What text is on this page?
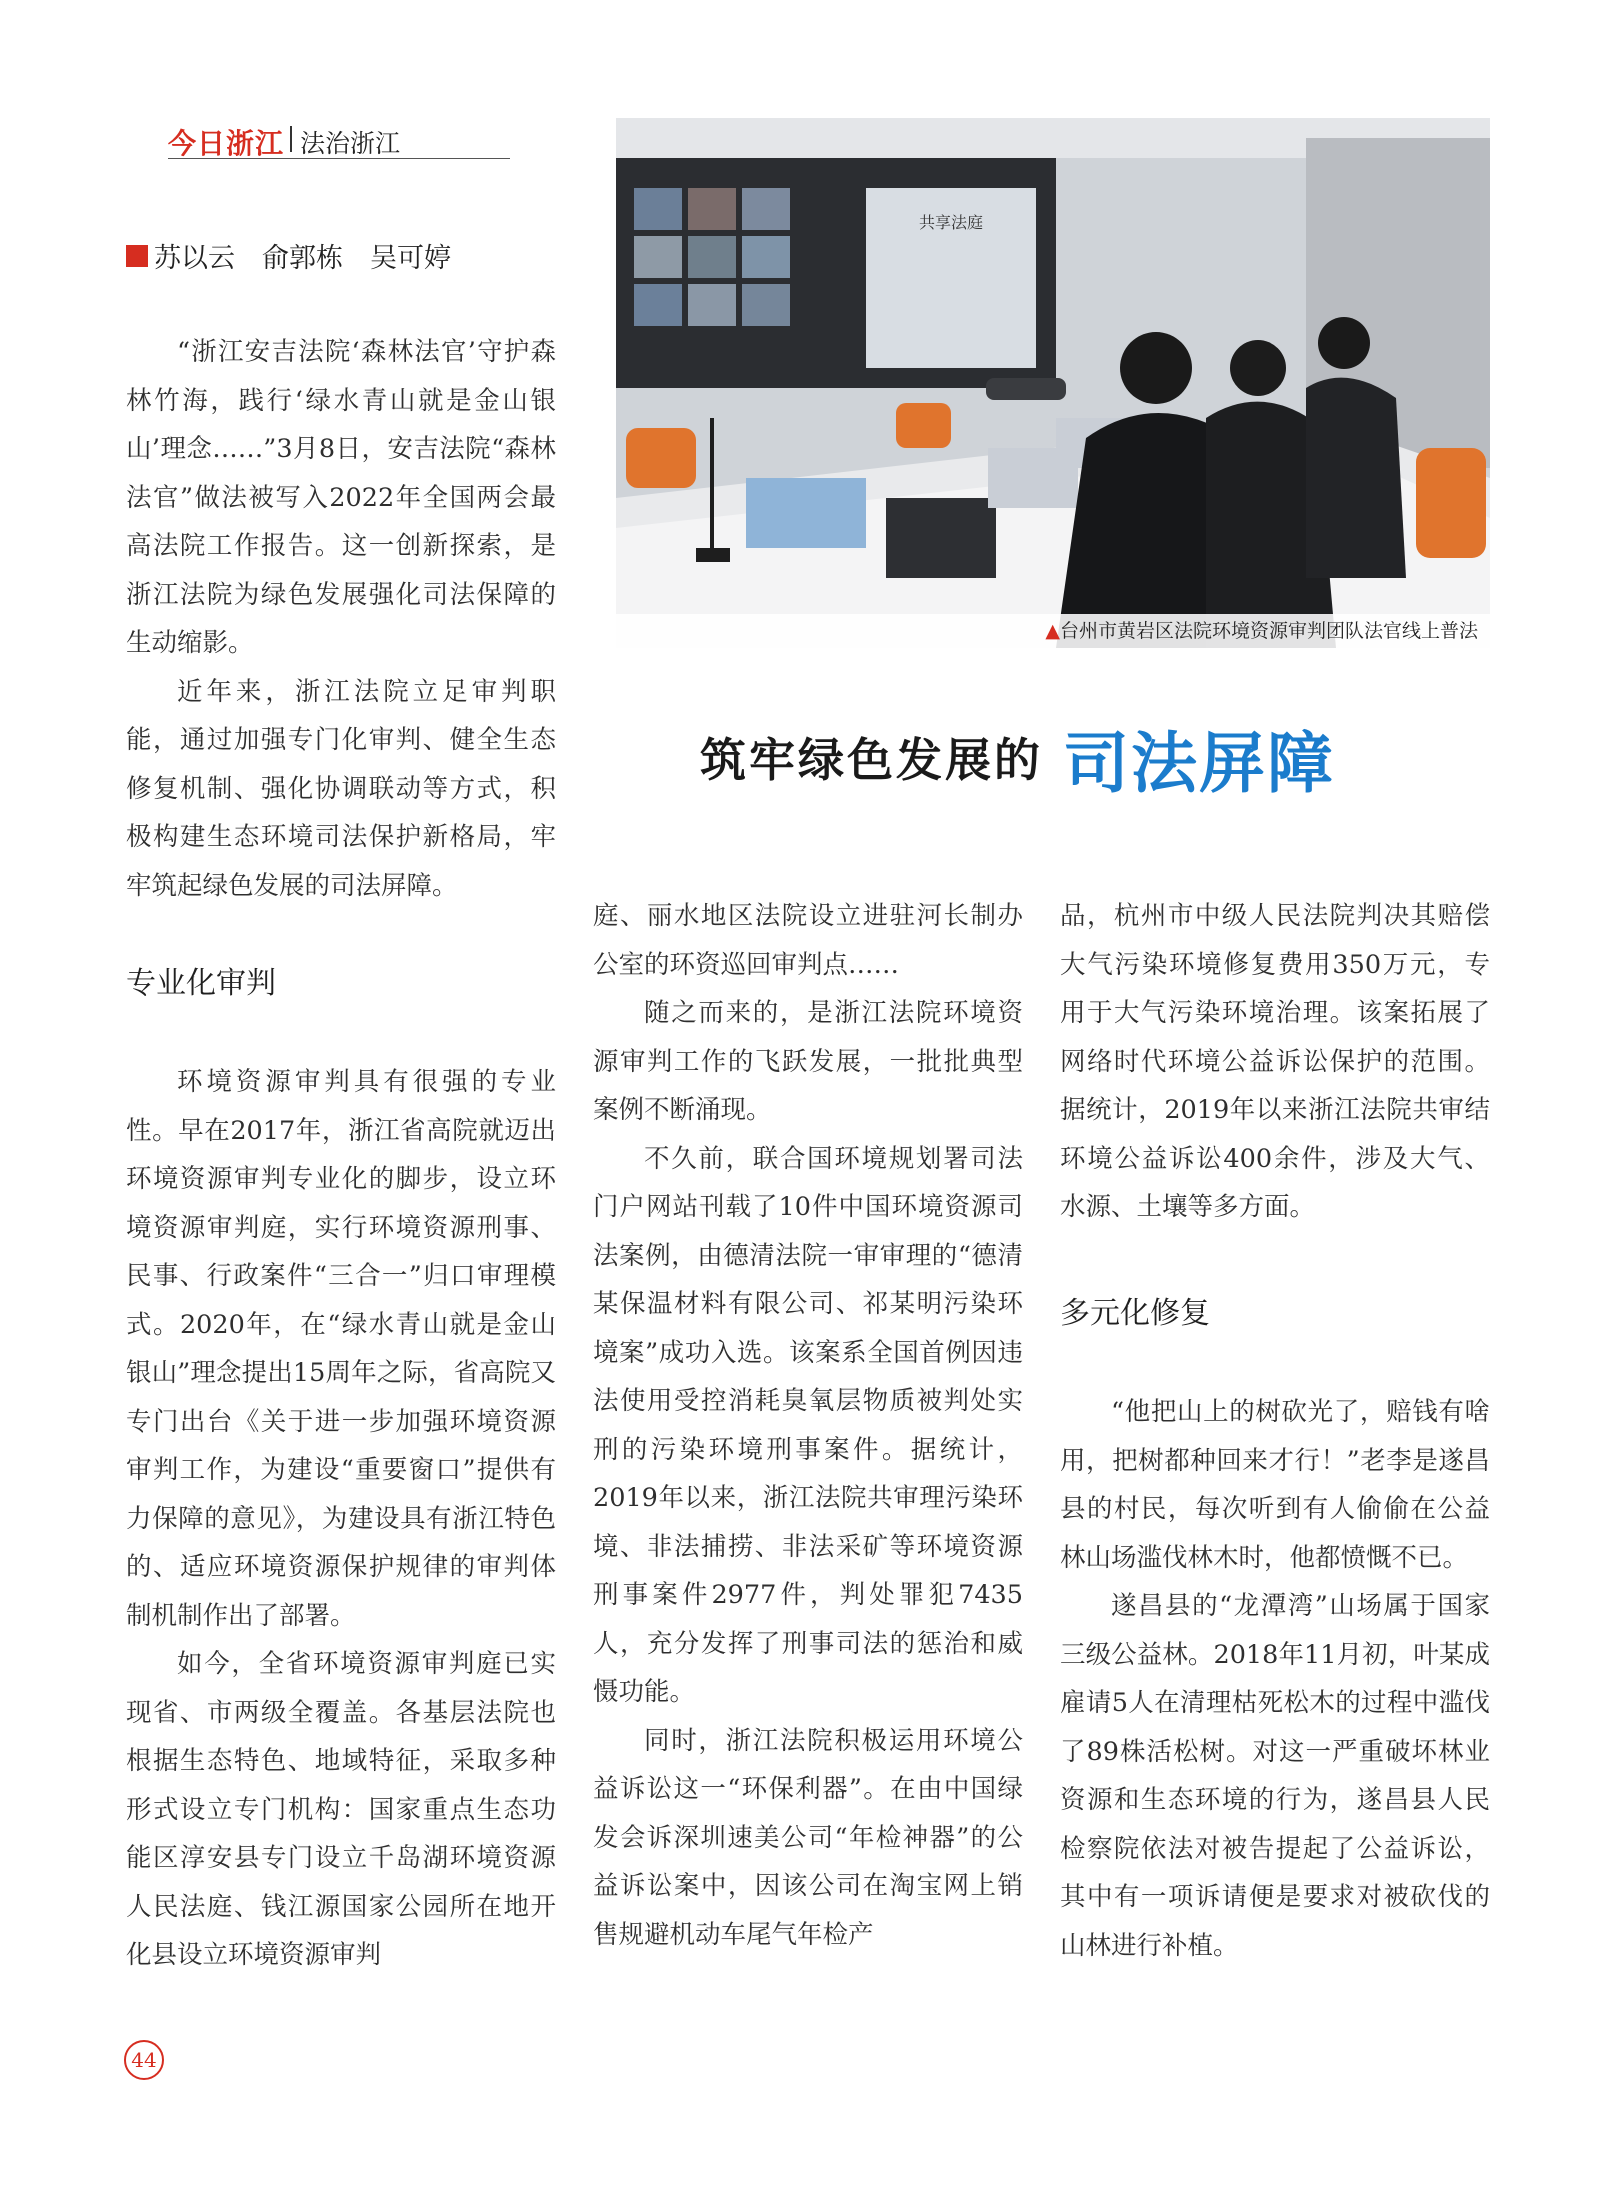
今日浙江 法治浙江
苏以云　俞郭栋　吴可婷
共享法庭
▲台州市黄岩区法院环境资源审判团队法官线上普法
筑牢绿色发展的 司法屏障

“浙江安吉法院‘森林法官’守护森林竹海，践行‘绿水青山就是金山银山’理念……”3月8日，安吉法院“森林法官”做法被写入2022年全国两会最高法院工作报告。这一创新探索，是浙江法院为绿色发展强化司法保障的生动缩影。

近年来，浙江法院立足审判职能，通过加强专门化审判、健全生态修复机制、强化协调联动等方式，积极构建生态环境司法保护新格局，牢牢筑起绿色发展的司法屏障。

专业化审判

环境资源审判具有很强的专业性。早在2017年，浙江省高院就迈出环境资源审判专业化的脚步，设立环境资源审判庭，实行环境资源刑事、民事、行政案件“三合一”归口审理模式。2020年，在“绿水青山就是金山银山”理念提出15周年之际，省高院又专门出台《关于进一步加强环境资源审判工作，为建设“重要窗口”提供有力保障的意见》，为建设具有浙江特色的、适应环境资源保护规律的审判体制机制作出了部署。

如今，全省环境资源审判庭已实现省、市两级全覆盖。各基层法院也根据生态特色、地域特征，采取多种形式设立专门机构：国家重点生态功能区淳安县专门设立千岛湖环境资源人民法庭、钱江源国家公园所在地开化县设立环境资源审判

庭、丽水地区法院设立进驻河长制办公室的环资巡回审判点……

随之而来的，是浙江法院环境资源审判工作的飞跃发展，一批批典型案例不断涌现。

不久前，联合国环境规划署司法门户网站刊载了10件中国环境资源司法案例，由德清法院一审审理的“德清某保温材料有限公司、祁某明污染环境案”成功入选。该案系全国首例因违法使用受控消耗臭氧层物质被判处实刑的污染环境刑事案件。据统计，2019年以来，浙江法院共审理污染环境、非法捕捞、非法采矿等环境资源刑事案件2977件，判处罪犯7435人，充分发挥了刑事司法的惩治和威慑功能。

同时，浙江法院积极运用环境公益诉讼这一“环保利器”。在由中国绿发会诉深圳速美公司“年检神器”的公益诉讼案中，因该公司在淘宝网上销售规避机动车尾气年检产

品，杭州市中级人民法院判决其赔偿大气污染环境修复费用350万元，专用于大气污染环境治理。该案拓展了网络时代环境公益诉讼保护的范围。据统计，2019年以来浙江法院共审结环境公益诉讼400余件，涉及大气、水源、土壤等多方面。

多元化修复

“他把山上的树砍光了，赔钱有啥用，把树都种回来才行！”老李是遂昌县的村民，每次听到有人偷偷在公益林山场滥伐林木时，他都愤慨不已。

遂昌县的“龙潭湾”山场属于国家三级公益林。2018年11月初，叶某成雇请5人在清理枯死松木的过程中滥伐了89株活松树。对这一严重破坏林业资源和生态环境的行为，遂昌县人民检察院依法对被告提起了公益诉讼，其中有一项诉请便是要求对被砍伐的山林进行补植。

44
